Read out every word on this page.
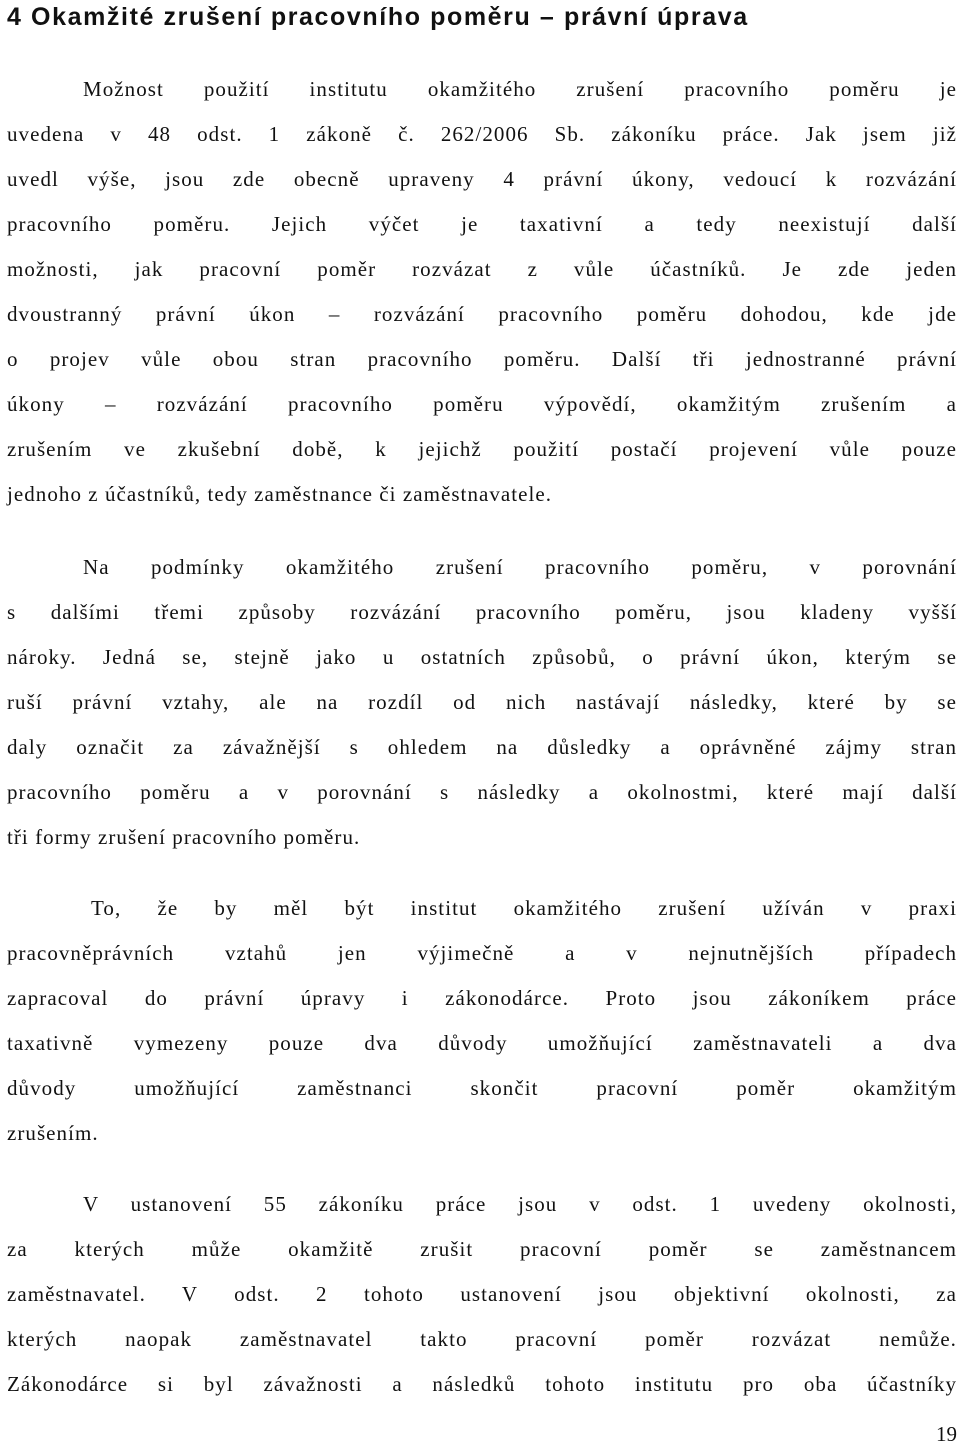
4 Okamžité zrušení pracovního poměru – právní úprava
Možnost použití institutu okamžitého zrušení pracovního poměru je
uvedena v 48 odst. 1 zákoně č. 262/2006 Sb. zákoníku práce. Jak jsem již
uvedl výše, jsou zde obecně upraveny 4 právní úkony, vedoucí k rozvázání
pracovního poměru. Jejich výčet je taxativní a tedy neexistují další
možnosti, jak pracovní poměr rozvázat z vůle účastníků. Je zde jeden
dvoustranný právní úkon – rozvázání pracovního poměru dohodou, kde jde
o projev vůle obou stran pracovního poměru. Další tři jednostranné právní
úkony – rozvázání pracovního poměru výpovědí, okamžitým zrušením a
zrušením ve zkušební době, k jejichž použití postačí projevení vůle pouze
jednoho z účastníků, tedy zaměstnance či zaměstnavatele.
Na podmínky okamžitého zrušení pracovního poměru, v porovnání
s dalšími třemi způsoby rozvázání pracovního poměru, jsou kladeny vyšší
nároky. Jedná se, stejně jako u ostatních způsobů, o právní úkon, kterým se
ruší právní vztahy, ale na rozdíl od nich nastávají následky, které by se
daly označit za závažnější s ohledem na důsledky a oprávněné zájmy stran
pracovního poměru a v porovnání s následky a okolnostmi, které mají další
tři formy zrušení pracovního poměru.
To, že by měl být institut okamžitého zrušení užíván v praxi
pracovněprávních vztahů jen výjimečně a v nejnutnějších případech
zapracoval do právní úpravy i zákonodárce. Proto jsou zákoníkem práce
taxativně vymezeny pouze dva důvody umožňující zaměstnavateli a dva
důvody umožňující zaměstnanci skončit pracovní poměr okamžitým
zrušením.
V ustanovení 55 zákoníku práce jsou v odst. 1 uvedeny okolnosti,
za kterých může okamžitě zrušit pracovní poměr se zaměstnancem
zaměstnavatel. V odst. 2 tohoto ustanovení jsou objektivní okolnosti, za
kterých naopak zaměstnavatel takto pracovní poměr rozvázat nemůže.
Zákonodárce si byl závažnosti a následků tohoto institutu pro oba účastníky
19
